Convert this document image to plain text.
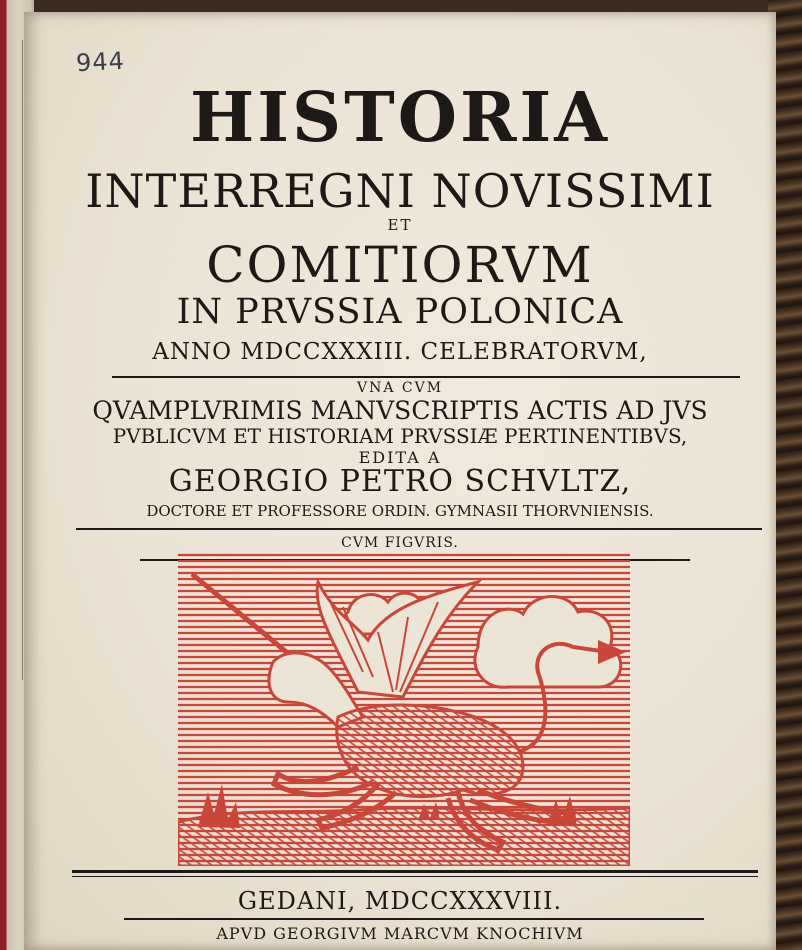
944
HISTORIA
INTERREGNI NOVISSIMI
ET
COMITIORVM
IN PRVSSIA POLONICA
ANNO MDCCXXXIII. CELEBRATORVM,
VNA CVM
QVAMPLVRIMIS MANVSCRIPTIS ACTIS AD JVS
PVBLICVM ET HISTORIAM PRVSSIÆ PERTINENTIBVS,
EDITA A
GEORGIO PETRO SCHVLTZ,
DOCTORE ET PROFESSORE ORDIN. GYMNASII THORVNIENSIS.
CVM FIGVRIS.
GEDANI, MDCCXXXVIII.
APVD GEORGIVM MARCVM KNOCHIVM
